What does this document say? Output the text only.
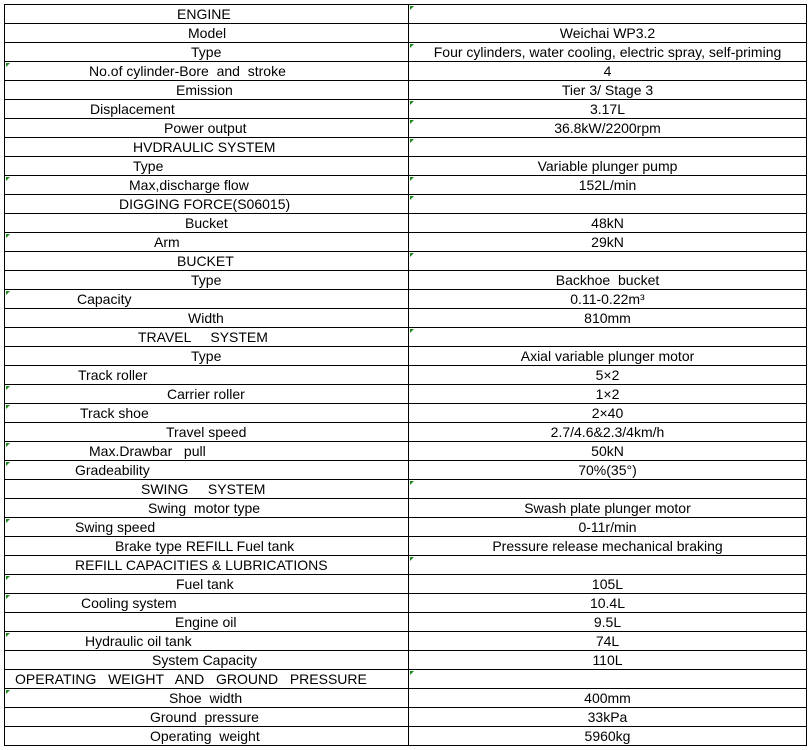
ENGINE	
Model	Weichai WP3.2
Type	Four cylinders, water cooling, electric spray, self-priming
No.of cylinder-Bore  and  stroke	4
Emission	Tier 3/ Stage 3
Displacement	3.17L
Power output	36.8kW/2200rpm
HVDRAULIC SYSTEM	
Type	Variable plunger pump
Max,discharge flow	152L/min
DIGGING FORCE(S06015)	
Bucket	48kN
Arm	29kN
BUCKET	
Type	Backhoe  bucket
Capacity	0.11-0.22m³
Width	810mm
TRAVEL     SYSTEM	
Type	Axial variable plunger motor
Track roller	5×2
Carrier roller	1×2
Track shoe	2×40
Travel speed	2.7/4.6&2.3/4km/h
Max.Drawbar   pull	50kN
Gradeability	70%(35°)
SWING     SYSTEM	
Swing  motor type	Swash plate plunger motor
Swing speed	0-11r/min
Brake type REFILL Fuel tank	Pressure release mechanical braking
REFILL CAPACITIES & LUBRICATIONS	
Fuel tank	105L
Cooling system	10.4L
Engine oil	9.5L
Hydraulic oil tank	74L
System Capacity	110L
OPERATING   WEIGHT   AND   GROUND   PRESSURE	
Shoe  width	400mm
Ground  pressure	33kPa
Operating  weight	5960kg
